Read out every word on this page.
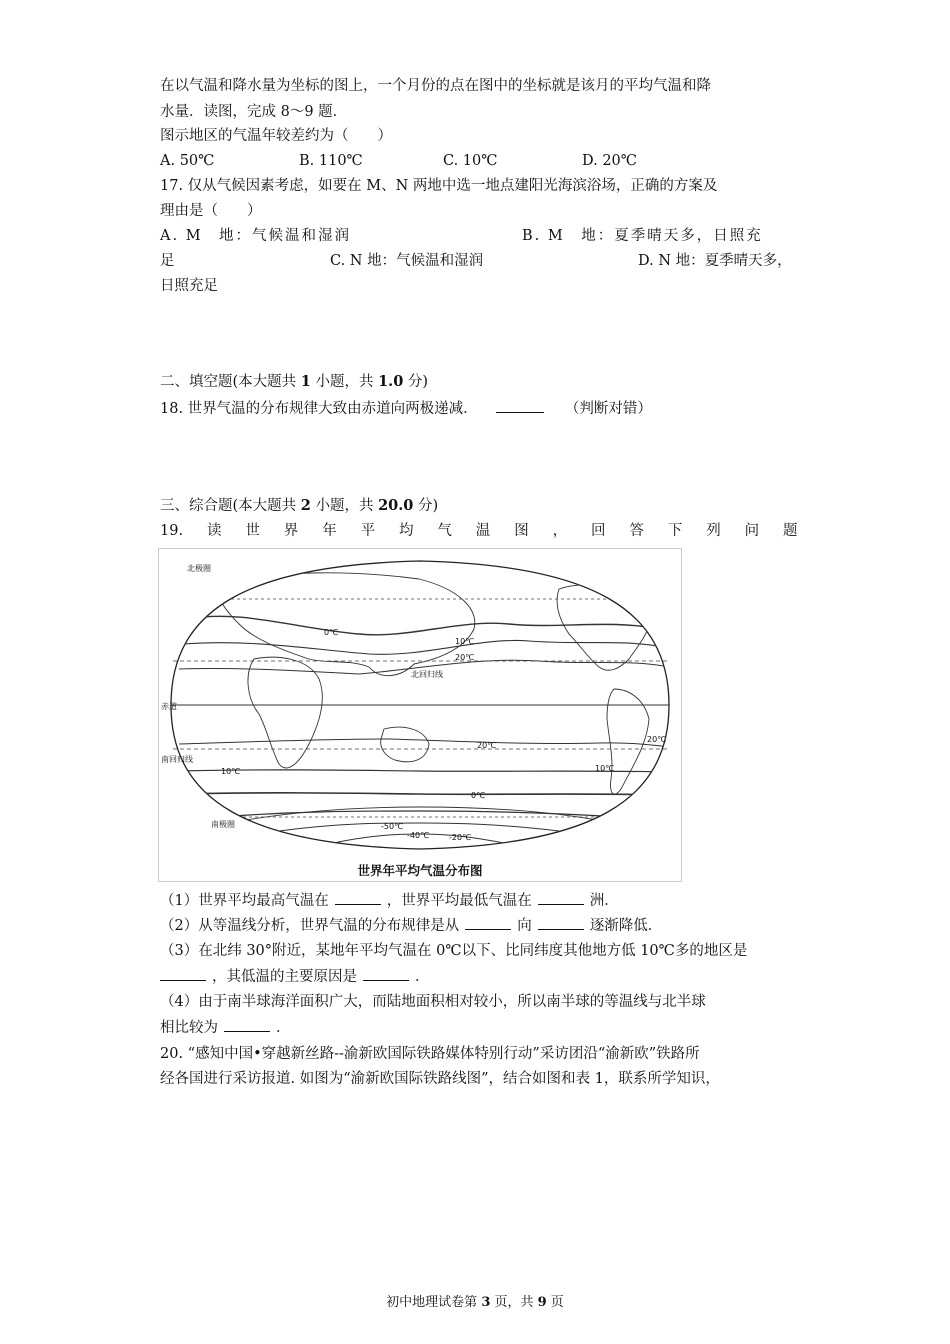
在以气温和降水量为坐标的图上，一个月份的点在图中的坐标就是该月的平均气温和降
水量．读图，完成 8～9 题．
图示地区的气温年较差约为（　　）
A. 50℃	B. 110℃	C. 10℃	D. 20℃
17. 仅从气候因素考虑，如要在 M、N 两地中选一地点建阳光海滨浴场，正确的方案及
理由是（　　）
A. M　地：气候温和湿润	B. M　地：夏季晴天多，日照充
足	C. N 地：气候温和湿润	D. N 地：夏季晴天多，
日照充足
二、填空题(本大题共 1 小题，共 1.0 分)
18. 世界气温的分布规律大致由赤道向两极递减．	（判断对错）
三、综合题(本大题共 2 小题，共 20.0 分)
19. 读 世 界 年 平 均 气 温 图 ， 回 答 下 列 问 题
北极圈
北回归线
赤道
南回归线
南极圈
0℃
10℃
20℃
20℃
20℃
10℃	10℃
0℃
-50℃
-40℃ -20℃
世界年平均气温分布图
（1）世界平均最高气温在	，世界平均最低气温在	洲．
（2）从等温线分析，世界气温的分布规律是从	向	逐渐降低．
（3）在北纬 30°附近，某地年平均气温在 0℃以下、比同纬度其他地方低 10℃多的地区是
，其低温的主要原因是	．
（4）由于南半球海洋面积广大，而陆地面积相对较小，所以南半球的等温线与北半球
相比较为	．
20. “感知中国•穿越新丝路--渝新欧国际铁路媒体特别行动”采访团沿“渝新欧”铁路所
经各国进行采访报道. 如图为“渝新欧国际铁路线图”，结合如图和表 1，联系所学知识，
初中地理试卷第 3 页，共 9 页
